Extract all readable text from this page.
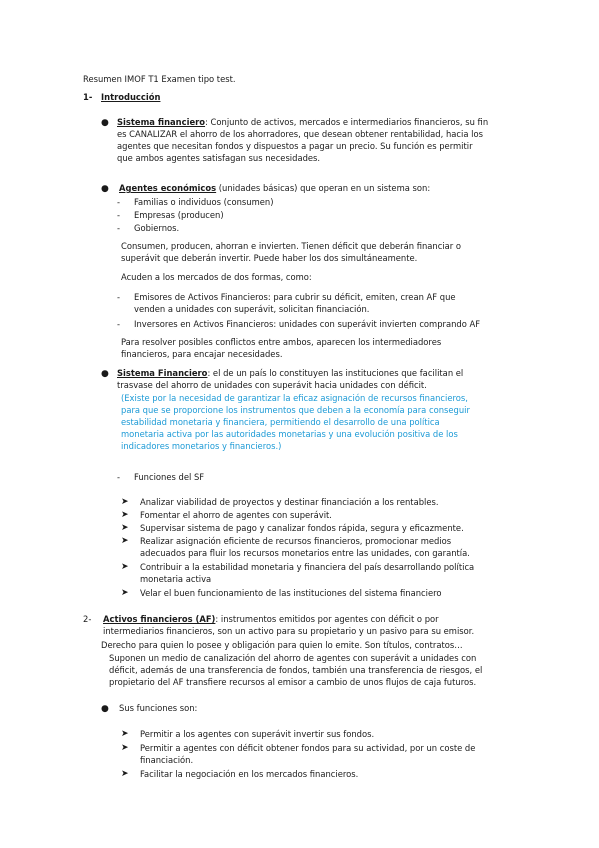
Resumen IMOF T1 Examen tipo test.

1- Introducción

● Sistema financiero: Conjunto de activos, mercados e intermediarios financieros, su fin

es CANALIZAR el ahorro de los ahorradores, que desean obtener rentabilidad, hacia los

agentes que necesitan fondos y dispuestos a pagar un precio. Su función es permitir

que ambos agentes satisfagan sus necesidades.

● Agentes económicos (unidades básicas) que operan en un sistema son:

- Familias o individuos (consumen)

- Empresas (producen)

- Gobiernos.

Consumen, producen, ahorran e invierten. Tienen déficit que deberán financiar o

superávit que deberán invertir. Puede haber los dos simultáneamente.

Acuden a los mercados de dos formas, como:

- Emisores de Activos Financieros: para cubrir su déficit, emiten, crean AF que

venden a unidades con superávit, solicitan financiación.

- Inversores en Activos Financieros: unidades con superávit invierten comprando AF

Para resolver posibles conflictos entre ambos, aparecen los intermediadores

financieros, para encajar necesidades.

● Sistema Financiero: el de un país lo constituyen las instituciones que facilitan el

trasvase del ahorro de unidades con superávit hacia unidades con déficit.

(Existe por la necesidad de garantizar la eficaz asignación de recursos financieros,

para que se proporcione los instrumentos que deben a la economía para conseguir

estabilidad monetaria y financiera, permitiendo el desarrollo de una política

monetaria activa por las autoridades monetarias y una evolución positiva de los

indicadores monetarios y financieros.)

- Funciones del SF

➤ Analizar viabilidad de proyectos y destinar financiación a los rentables.

➤ Fomentar el ahorro de agentes con superávit.

➤ Supervisar sistema de pago y canalizar fondos rápida, segura y eficazmente.

➤ Realizar asignación eficiente de recursos financieros, promocionar medios

adecuados para fluir los recursos monetarios entre las unidades, con garantía.

➤ Contribuir a la estabilidad monetaria y financiera del país desarrollando política

monetaria activa

➤ Velar el buen funcionamiento de las instituciones del sistema financiero

2- Activos financieros (AF): instrumentos emitidos por agentes con déficit o por

intermediarios financieros, son un activo para su propietario y un pasivo para su emisor.

Derecho para quien lo posee y obligación para quien lo emite. Son títulos, contratos…

Suponen un medio de canalización del ahorro de agentes con superávit a unidades con

déficit, además de una transferencia de fondos, también una transferencia de riesgos, el

propietario del AF transfiere recursos al emisor a cambio de unos flujos de caja futuros.

● Sus funciones son:

➤ Permitir a los agentes con superávit invertir sus fondos.

➤ Permitir a agentes con déficit obtener fondos para su actividad, por un coste de

financiación.

➤ Facilitar la negociación en los mercados financieros.
